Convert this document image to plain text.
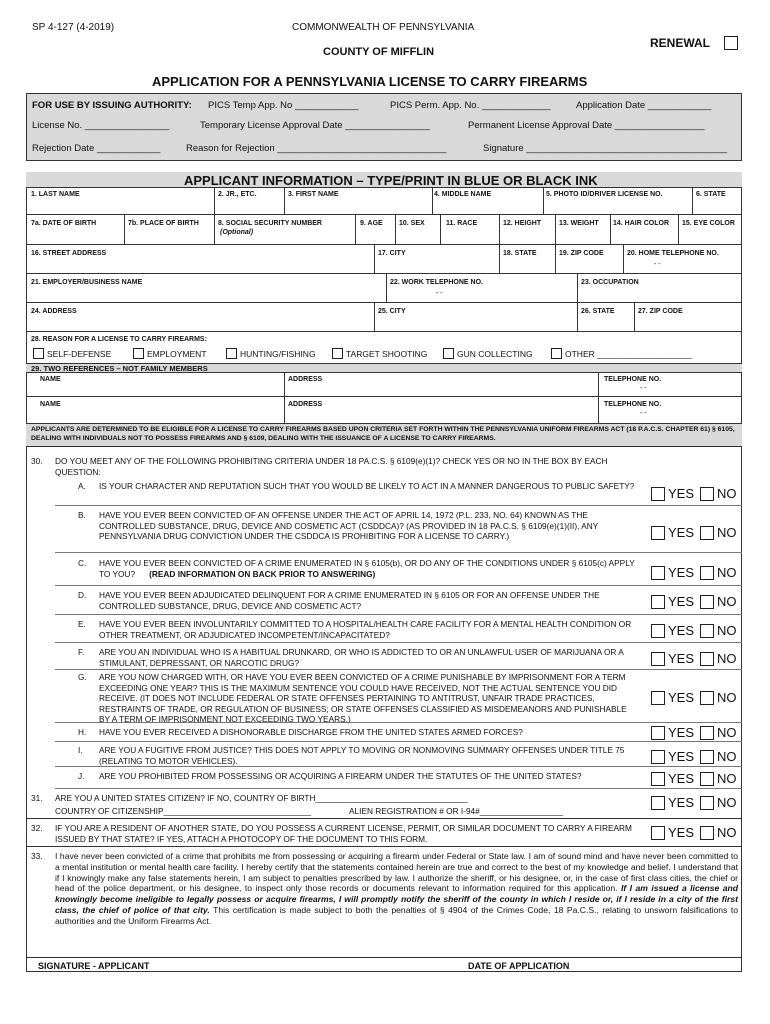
SP 4-127 (4-2019)	COMMONWEALTH OF PENNSYLVANIA
COUNTY OF MIFFLIN
RENEWAL
APPLICATION FOR A PENNSYLVANIA LICENSE TO CARRY FIREARMS
FOR USE BY ISSUING AUTHORITY: PICS Temp App. No ____________	PICS Perm. App. No. _____________	Application Date ____________
License No. ________________	Temporary License Approval Date ________________	Permanent License Approval Date _________________
Rejection Date ____________	Reason for Rejection ________________________________	Signature ______________________________________
APPLICANT INFORMATION – TYPE/PRINT IN BLUE OR BLACK INK
1. LAST NAME	2. JR., ETC.	3. FIRST NAME	4. MIDDLE NAME	5. PHOTO ID/DRIVER LICENSE NO.	6. STATE
7a. DATE OF BIRTH	7b. PLACE OF BIRTH	8. SOCIAL SECURITY NUMBER
(Optional)
9. AGE 10. SEX	11. RACE	12. HEIGHT	13. WEIGHT 14. HAIR COLOR 15. EYE COLOR
16. STREET ADDRESS	17. CITY	18. STATE	19. ZIP CODE	20. HOME TELEPHONE NO.
- -
21. EMPLOYER/BUSINESS NAME	22. WORK TELEPHONE NO.
- -
23. OCCUPATION
24. ADDRESS	25. CITY	26. STATE	27. ZIP CODE
28. REASON FOR A LICENSE TO CARRY FIREARMS:
SELF-DEFENSE	EMPLOYMENT	HUNTING/FISHING	TARGET SHOOTING	GUN COLLECTING	OTHER ____________________
29. TWO REFERENCES – NOT FAMILY MEMBERS
NAME	ADDRESS	TELEPHONE NO.
- -
NAME	ADDRESS	TELEPHONE NO.
- -
APPLICANTS ARE DETERMINED TO BE ELIGIBLE FOR A LICENSE TO CARRY FIREARMS BASED UPON CRITERIA SET FORTH WITHIN THE PENNSYLVANIA UNIFORM FIREARMS ACT (18 P.A.C.S. CHAPTER 61) § 6105, DEALING WITH INDIVIDUALS NOT TO POSSESS FIREARMS AND § 6109, DEALING WITH THE ISSUANCE OF A LICENSE TO CARRY FIREARMS.
30. DO YOU MEET ANY OF THE FOLLOWING PROHIBITING CRITERIA UNDER 18 PA.C.S. § 6109(e)(1)? CHECK YES OR NO IN THE BOX BY EACH QUESTION:
A. IS YOUR CHARACTER AND REPUTATION SUCH THAT YOU WOULD BE LIKELY TO ACT IN A MANNER DANGEROUS TO PUBLIC SAFETY?	YES NO
B. HAVE YOU EVER BEEN CONVICTED OF AN OFFENSE UNDER THE ACT OF APRIL 14, 1972 (P.L. 233, NO. 64) KNOWN AS THE CONTROLLED SUBSTANCE, DRUG, DEVICE AND COSMETIC ACT (CSDDCA)? (AS PROVIDED IN 18 PA.C.S. § 6109(e)(1)(II), ANY PENNSYLVANIA DRUG CONVICTION UNDER THE CSDDCA IS PROHIBITING FOR A LICENSE TO CARRY.)	YES NO
C. HAVE YOU EVER BEEN CONVICTED OF A CRIME ENUMERATED IN § 6105(b), OR DO ANY OF THE CONDITIONS UNDER § 6105(c) APPLY TO YOU? (READ INFORMATION ON BACK PRIOR TO ANSWERING)	YES NO
D. HAVE YOU EVER BEEN ADJUDICATED DELINQUENT FOR A CRIME ENUMERATED IN § 6105 OR FOR AN OFFENSE UNDER THE CONTROLLED SUBSTANCE, DRUG, DEVICE AND COSMETIC ACT?	YES NO
E. HAVE YOU EVER BEEN INVOLUNTARILY COMMITTED TO A HOSPITAL/HEALTH CARE FACILITY FOR A MENTAL HEALTH CONDITION OR OTHER TREATMENT, OR ADJUDICATED INCOMPETENT/INCAPACITATED?	YES NO
F. ARE YOU AN INDIVIDUAL WHO IS A HABITUAL DRUNKARD, OR WHO IS ADDICTED TO OR AN UNLAWFUL USER OF MARIJUANA OR A STIMULANT, DEPRESSANT, OR NARCOTIC DRUG?	YES NO
G. ARE YOU NOW CHARGED WITH, OR HAVE YOU EVER BEEN CONVICTED OF A CRIME PUNISHABLE BY IMPRISONMENT FOR A TERM EXCEEDING ONE YEAR? THIS IS THE MAXIMUM SENTENCE YOU COULD HAVE RECEIVED, NOT THE ACTUAL SENTENCE YOU DID RECEIVE. (IT DOES NOT INCLUDE FEDERAL OR STATE OFFENSES PERTAINING TO ANTITRUST, UNFAIR TRADE PRACTICES, RESTRAINTS OF TRADE, OR REGULATION OF BUSINESS; OR STATE OFFENSES CLASSIFIED AS MISDEMEANORS AND PUNISHABLE BY A TERM OF IMPRISONMENT NOT EXCEEDING TWO YEARS.)
YES NO
H. HAVE YOU EVER RECEIVED A DISHONORABLE DISCHARGE FROM THE UNITED STATES ARMED FORCES?	YES NO
I. ARE YOU A FUGITIVE FROM JUSTICE? THIS DOES NOT APPLY TO MOVING OR NONMOVING SUMMARY OFFENSES UNDER TITLE 75 (RELATING TO MOTOR VEHICLES).	YES NO
J. ARE YOU PROHIBITED FROM POSSESSING OR ACQUIRING A FIREARM UNDER THE STATUTES OF THE UNITED STATES?	YES NO
31. ARE YOU A UNITED STATES CITIZEN? IF NO, COUNTRY OF BIRTH_________________________________
COUNTRY OF CITIZENSHIP________________________________	ALIEN REGISTRATION # OR I-94#__________________
YES NO
32. IF YOU ARE A RESIDENT OF ANOTHER STATE, DO YOU POSSESS A CURRENT LICENSE, PERMIT, OR SIMILAR DOCUMENT TO CARRY A FIREARM ISSUED BY THAT STATE? IF YES, ATTACH A PHOTOCOPY OF THE DOCUMENT TO THIS FORM.	YES NO
33. I have never been convicted of a crime that prohibits me from possessing or acquiring a firearm under Federal or State law. I am of sound mind and have never been committed to a mental institution or mental health care facility. I hereby certify that the statements contained herein are true and correct to the best of my knowledge and belief. I understand that if I knowingly make any false statements herein, I am subject to penalties prescribed by law. I authorize the sheriff, or his designee, or, in the case of first class cities, the chief or head of the police department, or his designee, to inspect only those records or documents relevant to information required for this application. If I am issued a license and knowingly become ineligible to legally possess or acquire firearms, I will promptly notify the sheriff of the county in which I reside or, if I reside in a city of the first class, the chief of police of that city. This certification is made subject to both the penalties of § 4904 of the Crimes Code, 18 Pa.C.S., relating to unsworn falsifications to authorities and the Uniform Firearms Act.
SIGNATURE - APPLICANT	DATE OF APPLICATION
